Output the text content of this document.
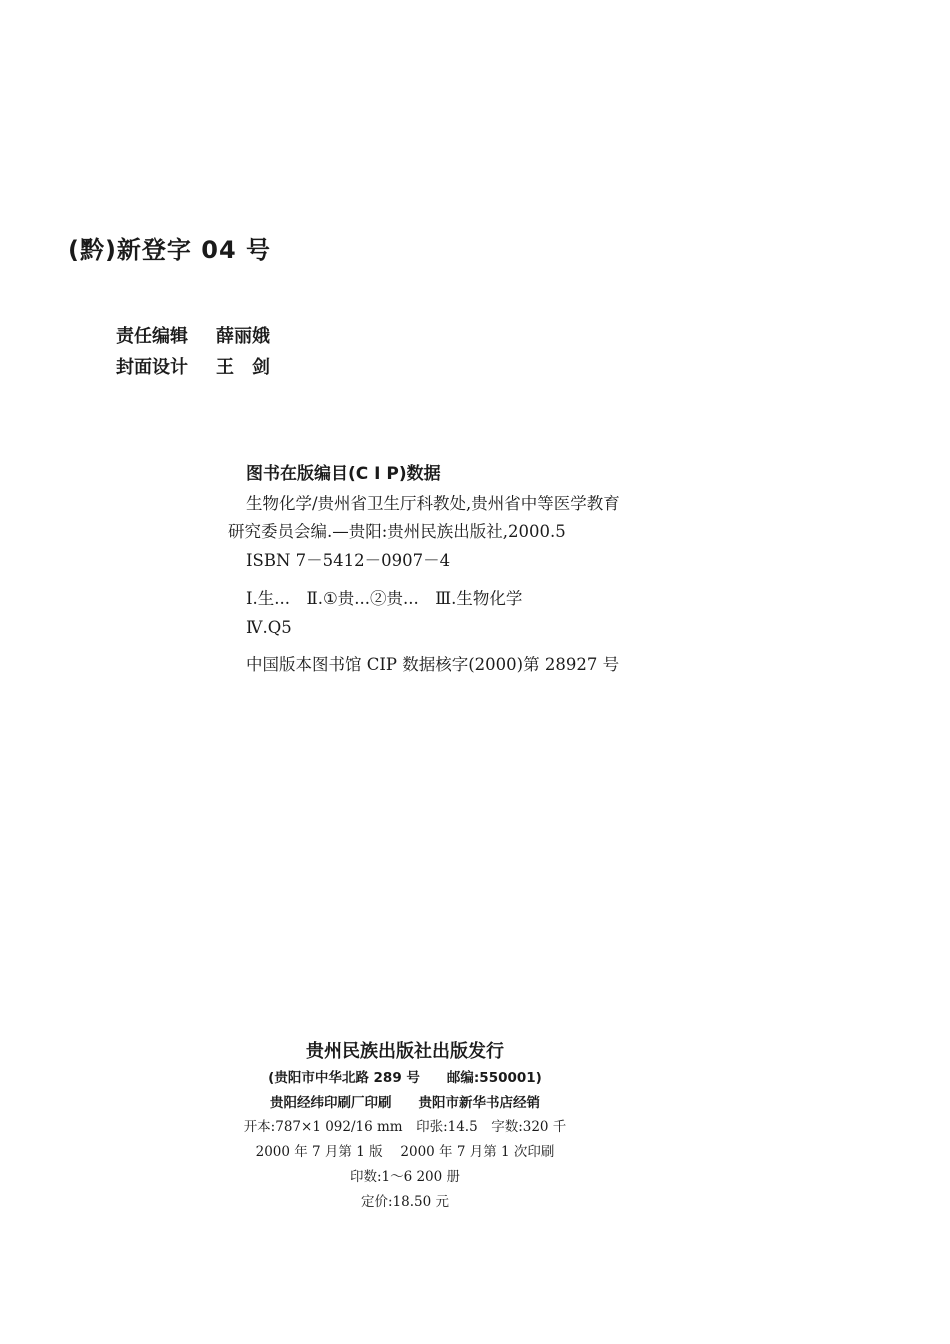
(黔)新登字 04 号
责任编辑 薛丽娥
封面设计 王　剑
图书在版编目(C I P)数据
生物化学/贵州省卫生厅科教处,贵州省中等医学教育
研究委员会编.—贵阳:贵州民族出版社,2000.5
ISBN 7－5412－0907－4
Ⅰ.生...　Ⅱ.①贵...②贵...　Ⅲ.生物化学
Ⅳ.Q5
中国版本图书馆 CIP 数据核字(2000)第 28927 号
贵州民族出版社出版发行
(贵阳市中华北路 289 号　　邮编:550001)
贵阳经纬印刷厂印刷　　贵阳市新华书店经销
开本:787×1 092/16 mm　印张:14.5　字数:320 千
2000 年 7 月第 1 版　 2000 年 7 月第 1 次印刷
印数:1～6 200 册
定价:18.50 元
